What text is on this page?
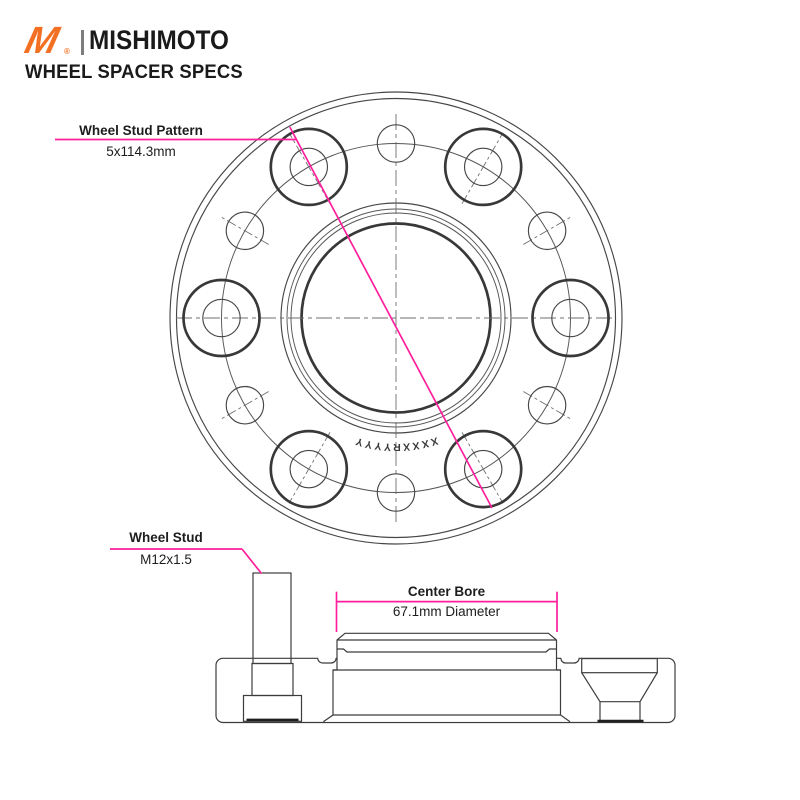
XXXXRYYYY
M ® MISHIMOTO
WHEEL SPACER SPECS
Wheel Stud Pattern
5x114.3mm
Wheel Stud
M12x1.5
Center Bore
67.1mm Diameter
